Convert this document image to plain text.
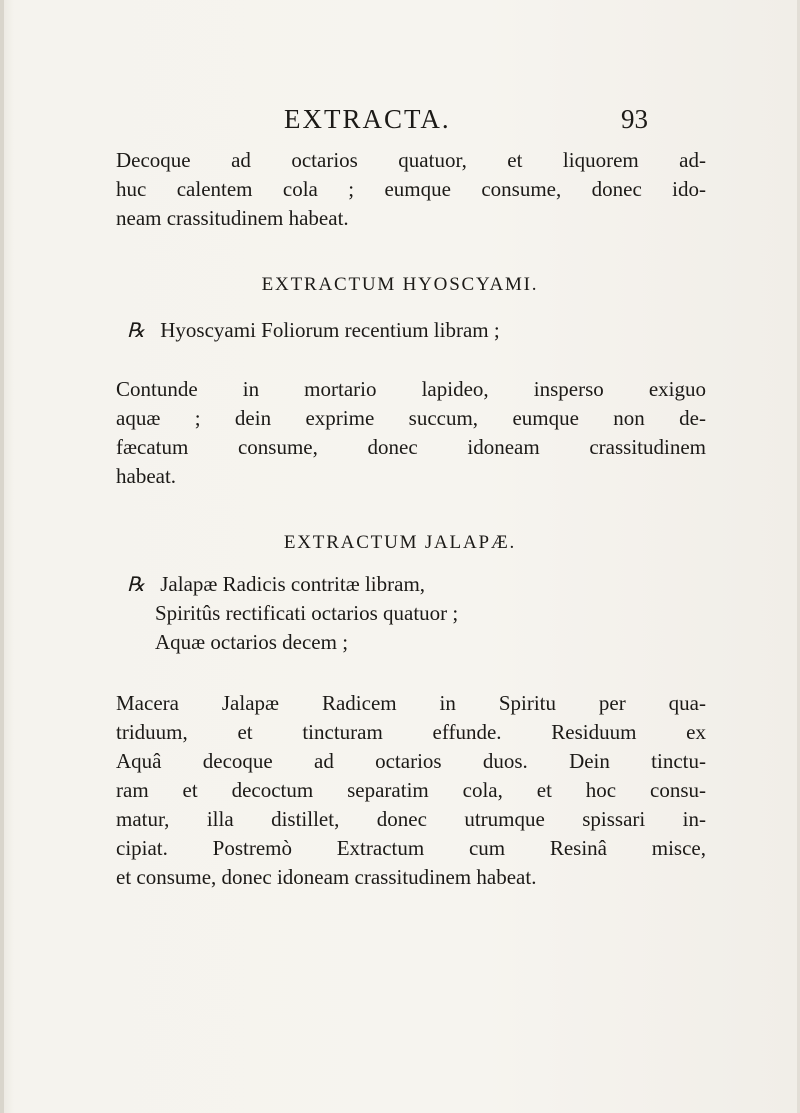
EXTRACTA.	93
Decoque ad octarios quatuor, et liquorem ad-
huc calentem cola ; eumque consume, donec ido-
neam crassitudinem habeat.
EXTRACTUM HYOSCYAMI.
℞ Hyoscyami Foliorum recentium libram ;
Contunde in mortario lapideo, insperso exiguo
aquæ ; dein exprime succum, eumque non de-
fæcatum consume, donec idoneam crassitudinem
habeat.
EXTRACTUM JALAPÆ.
℞ Jalapæ Radicis contritæ libram,
Spiritûs rectificati octarios quatuor ;
Aquæ octarios decem ;
Macera Jalapæ Radicem in Spiritu per qua-
triduum, et tincturam effunde. Residuum ex
Aquâ decoque ad octarios duos. Dein tinctu-
ram et decoctum separatim cola, et hoc consu-
matur, illa distillet, donec utrumque spissari in-
cipiat. Postremò Extractum cum Resinâ misce,
et consume, donec idoneam crassitudinem habeat.
